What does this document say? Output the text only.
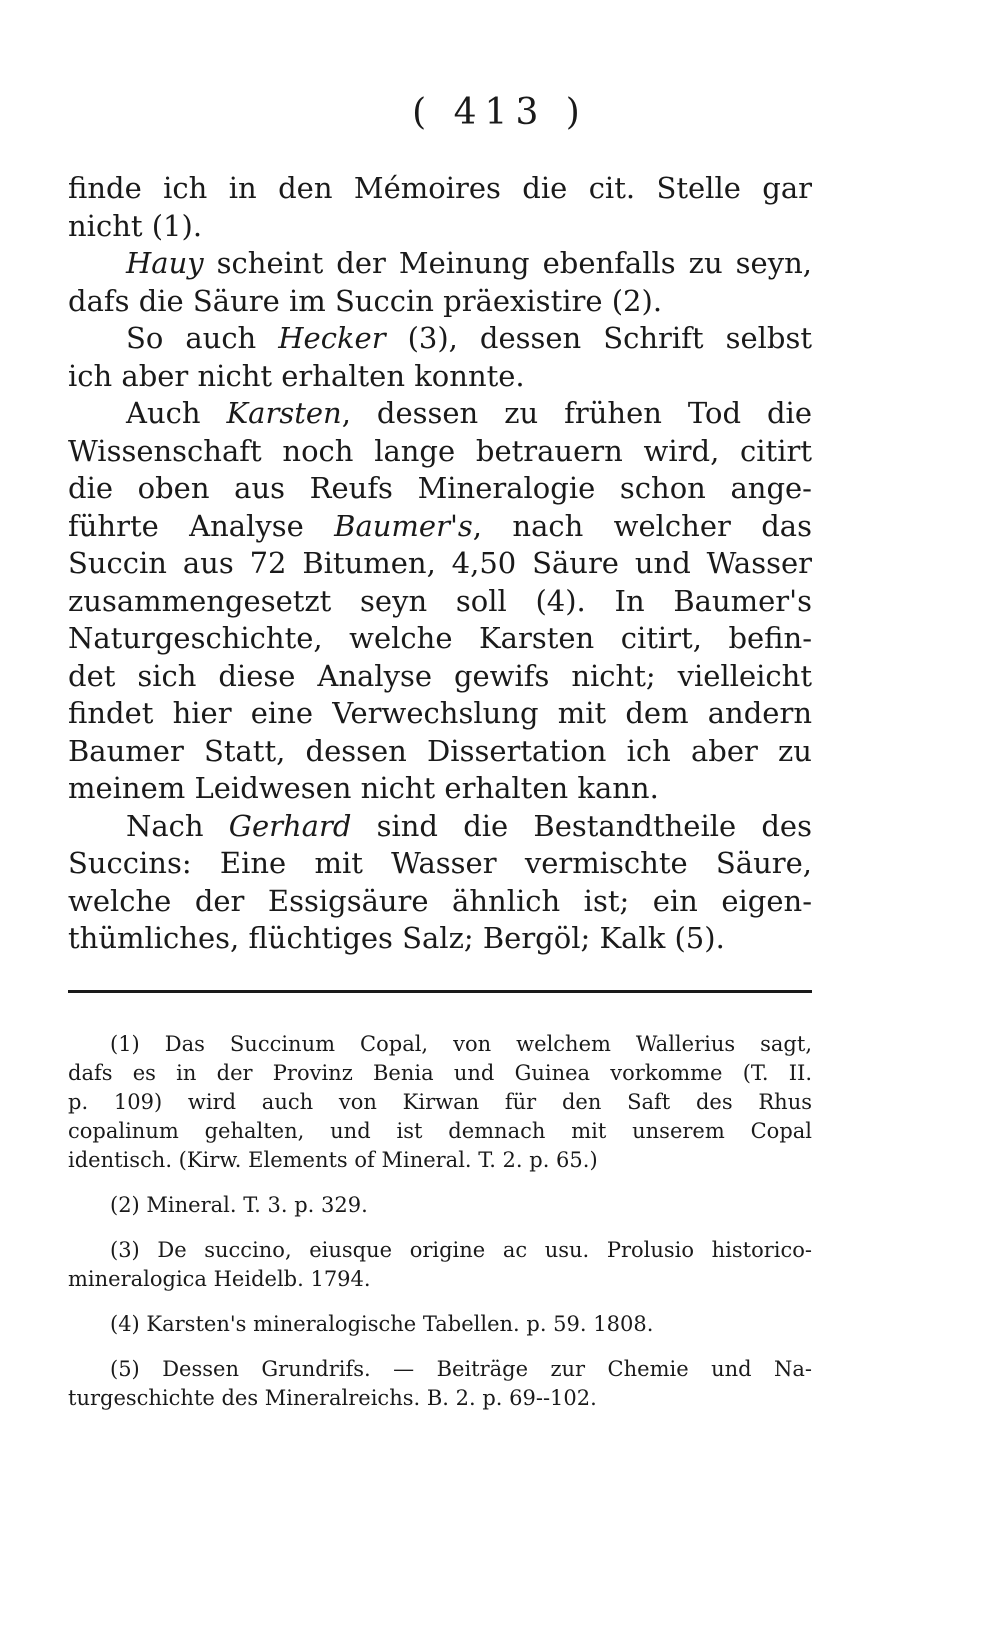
( 413 )
finde ich in den Mémoires die cit. Stelle gar
nicht (1).
Hauy scheint der Meinung ebenfalls zu seyn,
dafs die Säure im Succin präexistire (2).
So auch Hecker (3), dessen Schrift selbst
ich aber nicht erhalten konnte.
Auch Karsten, dessen zu frühen Tod die
Wissenschaft noch lange betrauern wird, citirt
die oben aus Reufs Mineralogie schon ange-
führte Analyse Baumer's, nach welcher das
Succin aus 72 Bitumen, 4,50 Säure und Wasser
zusammengesetzt seyn soll (4). In Baumer's
Naturgeschichte, welche Karsten citirt, befin-
det sich diese Analyse gewifs nicht; vielleicht
findet hier eine Verwechslung mit dem andern
Baumer Statt, dessen Dissertation ich aber zu
meinem Leidwesen nicht erhalten kann.
Nach Gerhard sind die Bestandtheile des
Succins: Eine mit Wasser vermischte Säure,
welche der Essigsäure ähnlich ist; ein eigen-
thümliches, flüchtiges Salz; Bergöl; Kalk (5).
(1) Das Succinum Copal, von welchem Wallerius sagt,
dafs es in der Provinz Benia und Guinea vorkomme (T. II.
p. 109) wird auch von Kirwan für den Saft des Rhus
copalinum gehalten, und ist demnach mit unserem Copal
identisch. (Kirw. Elements of Mineral. T. 2. p. 65.)
(2) Mineral. T. 3. p. 329.
(3) De succino, eiusque origine ac usu. Prolusio historico-
mineralogica Heidelb. 1794.
(4) Karsten's mineralogische Tabellen. p. 59. 1808.
(5) Dessen Grundrifs. — Beiträge zur Chemie und Na-
turgeschichte des Mineralreichs. B. 2. p. 69--102.
